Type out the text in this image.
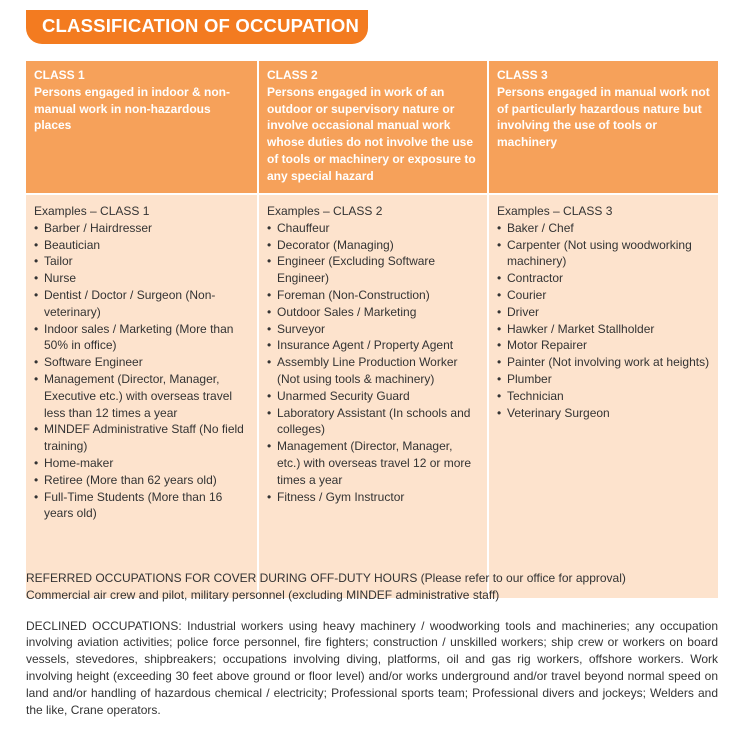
CLASSIFICATION OF OCCUPATION
CLASS 1
Persons engaged in indoor & non-manual work in non-hazardous places
CLASS 2
Persons engaged in work of an outdoor or supervisory nature or involve occasional manual work whose duties do not involve the use of tools or machinery or exposure to any special hazard
CLASS 3
Persons engaged in manual work not of particularly hazardous nature but involving the use of tools or machinery

Examples – CLASS 1

• Barber / Hairdresser
• Beautician
• Tailor
• Nurse
• Dentist / Doctor / Surgeon (Non-veterinary)
• Indoor sales / Marketing (More than 50% in office)
• Software Engineer
• Management (Director, Manager, Executive etc.) with overseas travel less than 12 times a year
• MINDEF Administrative Staff (No field training)
• Home-maker
• Retiree (More than 62 years old)
• Full-Time Students (More than 16 years old)

Examples – CLASS 2

• Chauffeur
• Decorator (Managing)
• Engineer (Excluding Software Engineer)
• Foreman (Non-Construction)
• Outdoor Sales / Marketing
• Surveyor
• Insurance Agent / Property Agent
• Assembly Line Production Worker (Not using tools & machinery)
• Unarmed Security Guard
• Laboratory Assistant (In schools and colleges)
• Management (Director, Manager, etc.) with overseas travel 12 or more times a year
• Fitness / Gym Instructor

Examples – CLASS 3

• Baker / Chef
• Carpenter (Not using woodworking machinery)
• Contractor
• Courier
• Driver
• Hawker / Market Stallholder
• Motor Repairer
• Painter (Not involving work at heights)
• Plumber
• Technician
• Veterinary Surgeon

REFERRED OCCUPATIONS FOR COVER DURING OFF-DUTY HOURS (Please refer to our office for approval)

Commercial air crew and pilot, military personnel (excluding MINDEF administrative staff)

DECLINED OCCUPATIONS: Industrial workers using heavy machinery / woodworking tools and machineries; any occupation involving aviation activities; police force personnel, fire fighters; construction / unskilled workers; ship crew or workers on board vessels, stevedores, shipbreakers; occupations involving diving, platforms, oil and gas rig workers, offshore workers. Work involving height (exceeding 30 feet above ground or floor level) and/or works underground and/or travel beyond normal speed on land and/or handling of hazardous chemical / electricity; Professional sports team; Professional divers and jockeys; Welders and the like, Crane operators.
